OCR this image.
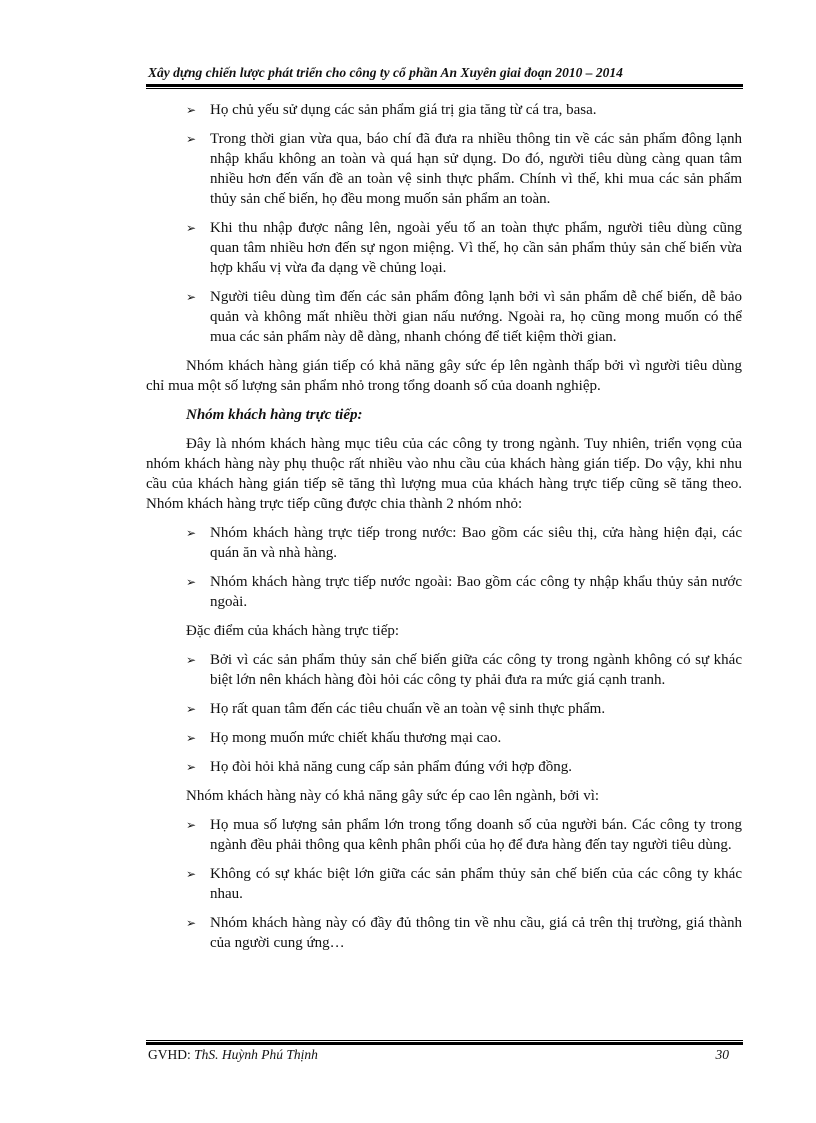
Xây dựng chiến lược phát triển cho công ty cổ phần An Xuyên giai đoạn 2010 – 2014
➢ Họ chủ yếu sử dụng các sản phẩm giá trị gia tăng từ cá tra, basa.
➢ Trong thời gian vừa qua, báo chí đã đưa ra nhiều thông tin về các sản phẩm đông lạnh nhập khẩu không an toàn và quá hạn sử dụng. Do đó, người tiêu dùng càng quan tâm nhiều hơn đến vấn đề an toàn vệ sinh thực phẩm. Chính vì thế, khi mua các sản phẩm thủy sản chế biến, họ đều mong muốn sản phẩm an toàn.
➢ Khi thu nhập được nâng lên, ngoài yếu tố an toàn thực phẩm, người tiêu dùng cũng quan tâm nhiều hơn đến sự ngon miệng. Vì thế, họ cần sản phẩm thủy sản chế biến vừa hợp khẩu vị vừa đa dạng về chủng loại.
➢ Người tiêu dùng tìm đến các sản phẩm đông lạnh bởi vì sản phẩm dễ chế biến, dễ bảo quản và không mất nhiều thời gian nấu nướng. Ngoài ra, họ cũng mong muốn có thể mua các sản phẩm này dễ dàng, nhanh chóng để tiết kiệm thời gian.

Nhóm khách hàng gián tiếp có khả năng gây sức ép lên ngành thấp bởi vì người tiêu dùng chỉ mua một số lượng sản phẩm nhỏ trong tổng doanh số của doanh nghiệp.

Nhóm khách hàng trực tiếp:

Đây là nhóm khách hàng mục tiêu của các công ty trong ngành. Tuy nhiên, triển vọng của nhóm khách hàng này phụ thuộc rất nhiều vào nhu cầu của khách hàng gián tiếp. Do vậy, khi nhu cầu của khách hàng gián tiếp sẽ tăng thì lượng mua của khách hàng trực tiếp cũng sẽ tăng theo. Nhóm khách hàng trực tiếp cũng được chia thành 2 nhóm nhỏ:

➢ Nhóm khách hàng trực tiếp trong nước: Bao gồm các siêu thị, cửa hàng hiện đại, các quán ăn và nhà hàng.
➢ Nhóm khách hàng trực tiếp nước ngoài: Bao gồm các công ty nhập khẩu thủy sản nước ngoài.

Đặc điểm của khách hàng trực tiếp:

➢ Bởi vì các sản phẩm thủy sản chế biến giữa các công ty trong ngành không có sự khác biệt lớn nên khách hàng đòi hỏi các công ty phải đưa ra mức giá cạnh tranh.
➢ Họ rất quan tâm đến các tiêu chuẩn về an toàn vệ sinh thực phẩm.
➢ Họ mong muốn mức chiết khấu thương mại cao.
➢ Họ đòi hỏi khả năng cung cấp sản phẩm đúng với hợp đồng.

Nhóm khách hàng này có khả năng gây sức ép cao lên ngành, bởi vì:

➢ Họ mua số lượng sản phẩm lớn trong tổng doanh số của người bán. Các công ty trong ngành đều phải thông qua kênh phân phối của họ để đưa hàng đến tay người tiêu dùng.
➢ Không có sự khác biệt lớn giữa các sản phẩm thủy sản chế biến của các công ty khác nhau.
➢ Nhóm khách hàng này có đầy đủ thông tin về nhu cầu, giá cả trên thị trường, giá thành của người cung ứng…
GVHD: ThS. Huỳnh Phú Thịnh	30
